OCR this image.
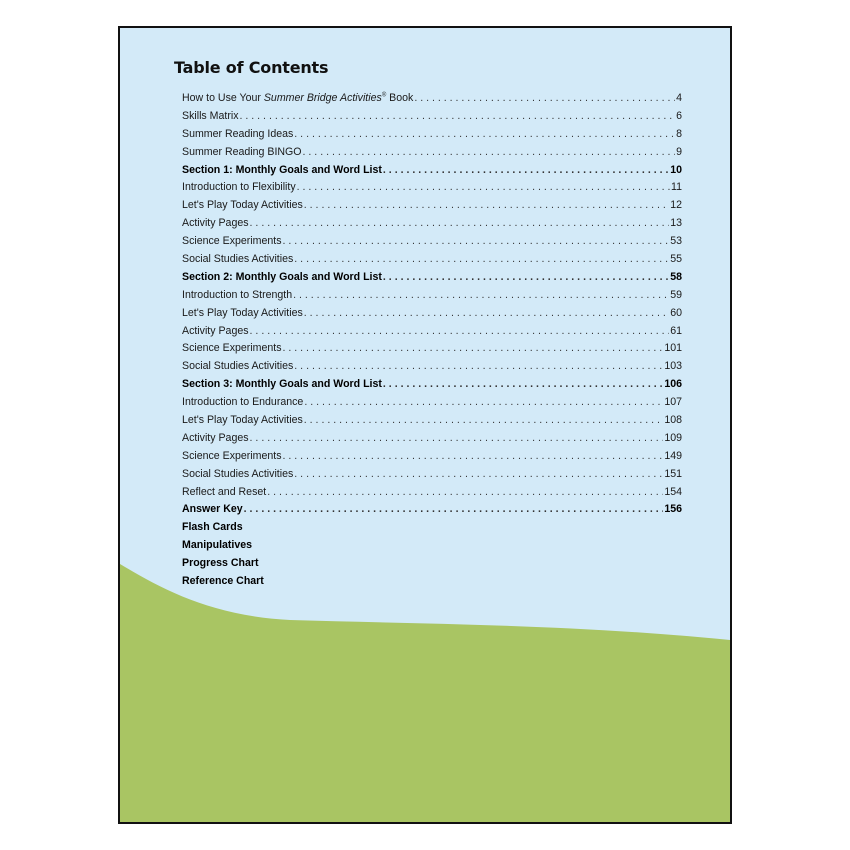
Table of Contents
How to Use Your Summer Bridge Activities® Book . . .	4
Skills Matrix . . .	6
Summer Reading Ideas . . .	8
Summer Reading BINGO . . .	9
Section 1: Monthly Goals and Word List . . .	10
Introduction to Flexibility . . .	11
Let's Play Today Activities . . .	12
Activity Pages . . .	13
Science Experiments . . .	53
Social Studies Activities . . .	55
Section 2: Monthly Goals and Word List . . .	58
Introduction to Strength . . .	59
Let's Play Today Activities . . .	60
Activity Pages . . .	61
Science Experiments . . .	101
Social Studies Activities . . .	103
Section 3: Monthly Goals and Word List . . .	106
Introduction to Endurance . . .	107
Let's Play Today Activities . . .	108
Activity Pages . . .	109
Science Experiments . . .	149
Social Studies Activities . . .	151
Reflect and Reset . . .	154
Answer Key . . .	156
Flash Cards
Manipulatives
Progress Chart
Reference Chart
